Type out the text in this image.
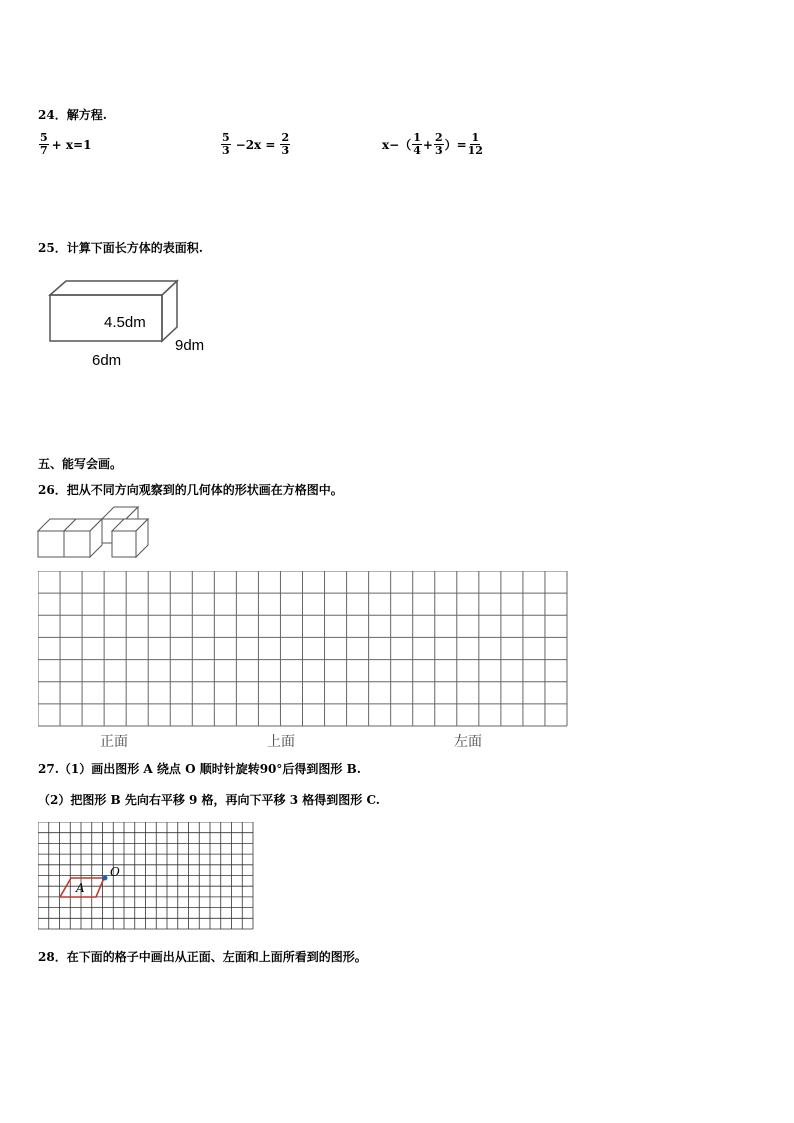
24．解方程.
$\frac{5}{7} + x=1$	$\frac{5}{3} -2x = \frac{2}{3}$	$x-( \frac{1}{4} + \frac{2}{3}$ ）= $\frac{1}{12}$
25．计算下面长方体的表面积.
4.5dm
9dm
6dm
五、能写会画。
26．把从不同方向观察到的几何体的形状画在方格图中。
正面	上面	左面
27.（1）画出图形 A 绕点 O 顺时针旋转90°后得到图形 B.
（2）把图形 B 先向右平移 9 格，再向下平移 3 格得到图形 C.
A
O
28．在下面的格子中画出从正面、左面和上面所看到的图形。
